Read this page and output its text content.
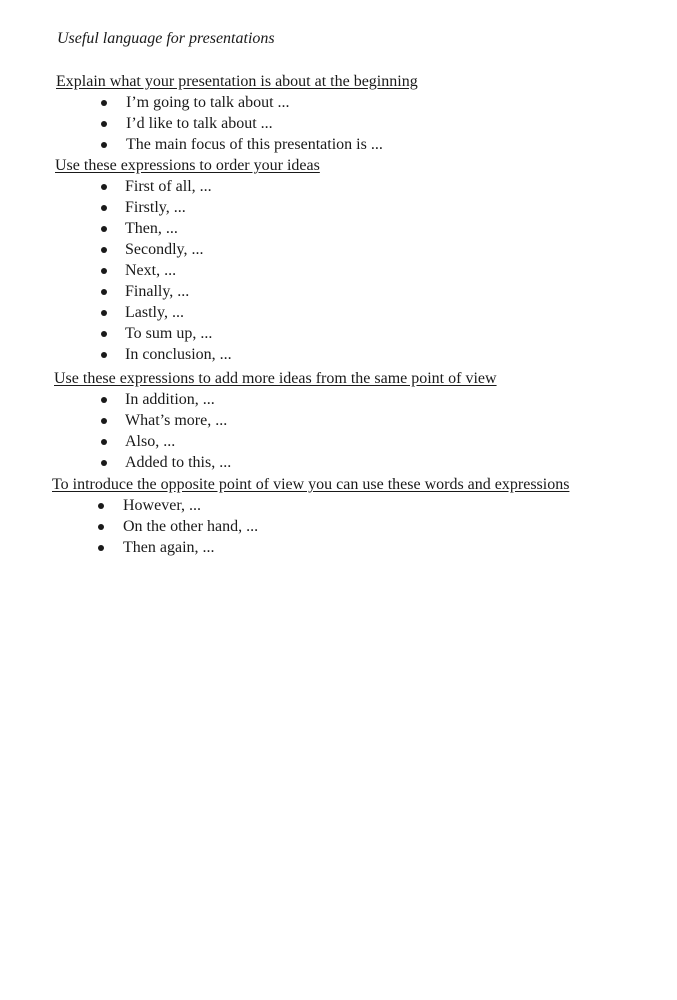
Useful language for presentations
Explain what your presentation is about at the beginning
I’m going to talk about ...
I’d like to talk about ...
The main focus of this presentation is ...
Use these expressions to order your ideas
First of all, ...
Firstly, ...
Then, ...
Secondly, ...
Next, ...
Finally, ...
Lastly, ...
To sum up, ...
In conclusion, ...
Use these expressions to add more ideas from the same point of view
In addition, ...
What’s more, ...
Also, ...
Added to this, ...
To introduce the opposite point of view you can use these words and expressions
However, ...
On the other hand, ...
Then again, ...
